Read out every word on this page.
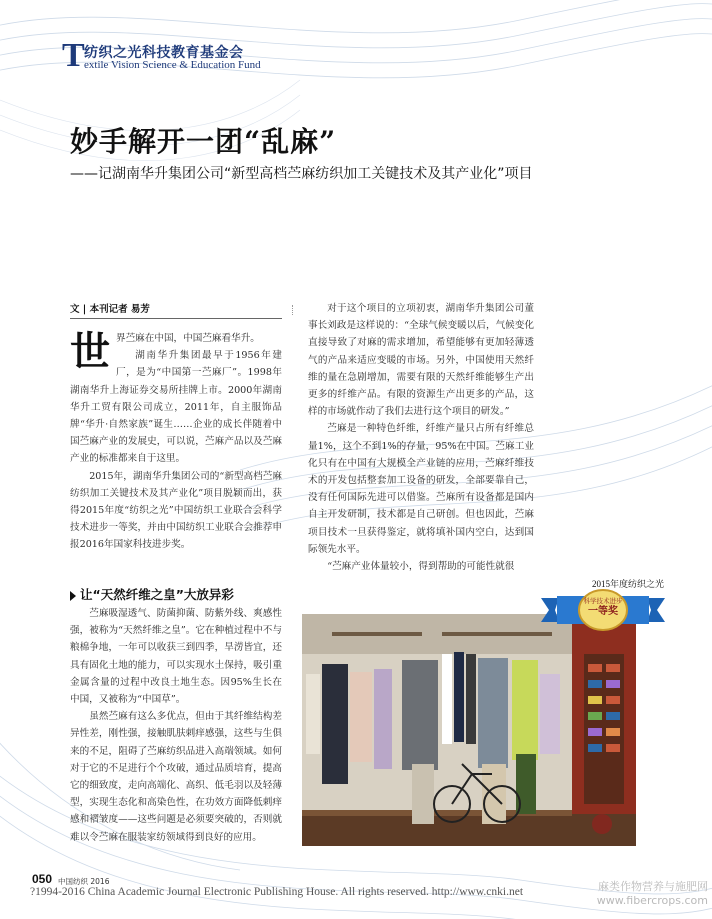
T 纺织之光科技教育基金会
extile Vision Science & Education Fund
妙手解开一团“乱麻”
——记湖南华升集团公司“新型高档苎麻纺织加工关键技术及其产业化”项目
文 | 本刊记者 易芳
世 界苎麻在中国，中国苎麻看华升。

湖南华升集团最早于1956年建厂，是为“中国第一苎麻厂”。1998年湖南华升上海证券交易所挂牌上市。2000年湖南华升工贸有限公司成立，2011年，自主服饰品牌“华升·自然家族”诞生……企业的成长伴随着中国苎麻产业的发展史，可以说，苎麻产品以及苎麻产业的标准都来自于这里。

2015年，湖南华升集团公司的“新型高档苎麻纺织加工关键技术及其产业化”项目脱颖而出，获得2015年度“纺织之光”中国纺织工业联合会科学技术进步一等奖，并由中国纺织工业联合会推荐申报2016年国家科技进步奖。

让“天然纤维之皇”大放异彩

苎麻吸湿透气、防菌抑菌、防紫外线、爽感性强，被称为“天然纤维之皇”。它在种植过程中不与粮棉争地，一年可以收获三到四季，旱涝皆宜，还具有固化土地的能力，可以实现水土保持，吸引重金属含量的过程中改良土地生态。因95%生长在中国，又被称为“中国草”。

虽然苎麻有这么多优点，但由于其纤维结构差异性差，刚性强，接触肌肤刺痒感强，这些与生俱来的不足，阻碍了苎麻纺织品进入高端领域。如何对于它的不足进行个个攻破，通过品质培育，提高它的细致度，走向高端化、高织、低毛羽以及轻薄型，实现生态化和高染色性，在功效方面降低刺痒感和褶皱度——这些问题是必须要突破的，否则就难以令苎麻在服装家纺领域得到良好的应用。

对于这个项目的立项初衷，湖南华升集团公司董事长刘政是这样说的：“全球气候变暖以后，气候变化直接导致了对麻的需求增加，希望能够有更加轻薄透气的产品来适应变暖的市场。另外，中国使用天然纤维的量在急剧增加，需要有限的天然纤维能够生产出更多的纤维产品。有限的资源生产出更多的产品，这样的市场就作动了我们去进行这个项目的研发。”

苎麻是一种特色纤维，纤维产量只占所有纤维总量1%，这个不到1%的存量，95%在中国。苎麻工业化只有在中国有大规模全产业链的应用，苎麻纤维技术的开发包括整套加工设备的研发，全部要靠自己，没有任何国际先进可以借鉴。苎麻所有设备都是国内自主开发研制，技术都是自己研创。但也因此，苎麻项目技术一旦获得鉴定，就将填补国内空白，达到国际领先水平。

“苎麻产业体量较小，得到帮助的可能性就很

2015年度纺织之光
科学技术进步
一等奖
050 中国纺织 2016
?1994-2016 China Academic Journal Electronic Publishing House. All rights reserved. http://www.cnki.net	麻类作物营养与施肥网
www.fibercrops.com
